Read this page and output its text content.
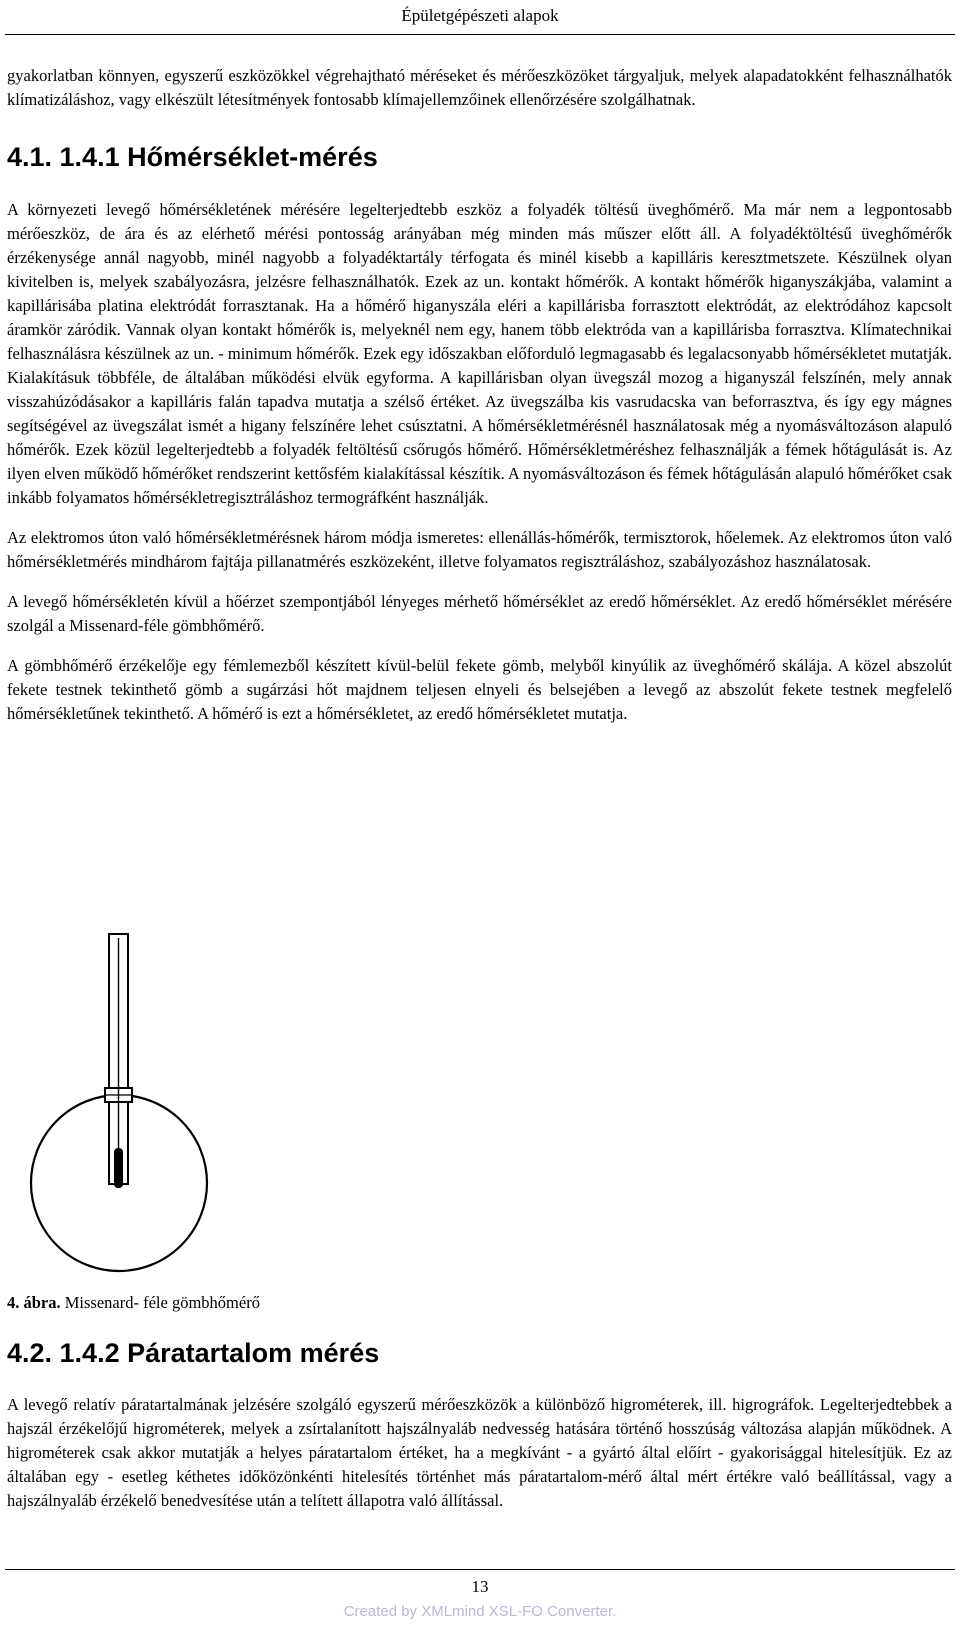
Épületgépészeti alapok

gyakorlatban könnyen, egyszerű eszközökkel végrehajtható méréseket és mérőeszközöket tárgyaljuk, melyek alapadatokként felhasználhatók klímatizáláshoz, vagy elkészült létesítmények fontosabb klímajellemzőinek ellenőrzésére szolgálhatnak.

4.1. 1.4.1 Hőmérséklet-mérés

A környezeti levegő hőmérsékletének mérésére legelterjedtebb eszköz a folyadék töltésű üveghőmérő. Ma már nem a legpontosabb mérőeszköz, de ára és az elérhető mérési pontosság arányában még minden más műszer előtt áll. A folyadéktöltésű üveghőmérők érzékenysége annál nagyobb, minél nagyobb a folyadéktartály térfogata és minél kisebb a kapilláris keresztmetszete. Készülnek olyan kivitelben is, melyek szabályozásra, jelzésre felhasználhatók. Ezek az un. kontakt hőmérők. A kontakt hőmérők higanyszákjába, valamint a kapillárisába platina elektródát forrasztanak. Ha a hőmérő higanyszála eléri a kapillárisba forrasztott elektródát, az elektródához kapcsolt áramkör záródik. Vannak olyan kontakt hőmérők is, melyeknél nem egy, hanem több elektróda van a kapillárisba forrasztva. Klímatechnikai felhasználásra készülnek az un. - minimum hőmérők. Ezek egy időszakban előforduló legmagasabb és legalacsonyabb hőmérsékletet mutatják. Kialakításuk többféle, de általában működési elvük egyforma. A kapillárisban olyan üvegszál mozog a higanyszál felszínén, mely annak visszahúzódásakor a kapilláris falán tapadva mutatja a szélső értéket. Az üvegszálba kis vasrudacska van beforrasztva, és így egy mágnes segítségével az üvegszálat ismét a higany felszínére lehet csúsztatni. A hőmérsékletmérésnél használatosak még a nyomásváltozáson alapuló hőmérők. Ezek közül legelterjedtebb a folyadék feltöltésű csőrugós hőmérő. Hőmérsékletméréshez felhasználják a fémek hőtágulását is. Az ilyen elven működő hőmérőket rendszerint kettősfém kialakítással készítik. A nyomásváltozáson és fémek hőtágulásán alapuló hőmérőket csak inkább folyamatos hőmérsékletregisztráláshoz termográfként használják.

Az elektromos úton való hőmérsékletmérésnek három módja ismeretes: ellenállás-hőmérők, termisztorok, hőelemek. Az elektromos úton való hőmérsékletmérés mindhárom fajtája pillanatmérés eszközeként, illetve folyamatos regisztráláshoz, szabályozáshoz használatosak.

A levegő hőmérsékletén kívül a hőérzet szempontjából lényeges mérhető hőmérséklet az eredő hőmérséklet. Az eredő hőmérséklet mérésére szolgál a Missenard-féle gömbhőmérő.

A gömbhőmérő érzékelője egy fémlemezből készített kívül-belül fekete gömb, melyből kinyúlik az üveghőmérő skálája. A közel abszolút fekete testnek tekinthető gömb a sugárzási hőt majdnem teljesen elnyeli és belsejében a levegő az abszolút fekete testnek megfelelő hőmérsékletűnek tekinthető. A hőmérő is ezt a hőmérsékletet, az eredő hőmérsékletet mutatja.

4. ábra. Missenard- féle gömbhőmérő
4.2. 1.4.2 Páratartalom mérés

A levegő relatív páratartalmának jelzésére szolgáló egyszerű mérőeszközök a különböző higrométerek, ill. higrográfok. Legelterjedtebbek a hajszál érzékelőjű higrométerek, melyek a zsírtalanított hajszálnyaláb nedvesség hatására történő hosszúság változása alapján működnek. A higrométerek csak akkor mutatják a helyes páratartalom értéket, ha a megkívánt - a gyártó által előírt - gyakorisággal hitelesítjük. Ez az általában egy - esetleg kéthetes időközönkénti hitelesítés történhet más páratartalom-mérő által mért értékre való beállítással, vagy a hajszálnyaláb érzékelő benedvesítése után a telített állapotra való állítással.

13
Created by XMLmind XSL-FO Converter.
